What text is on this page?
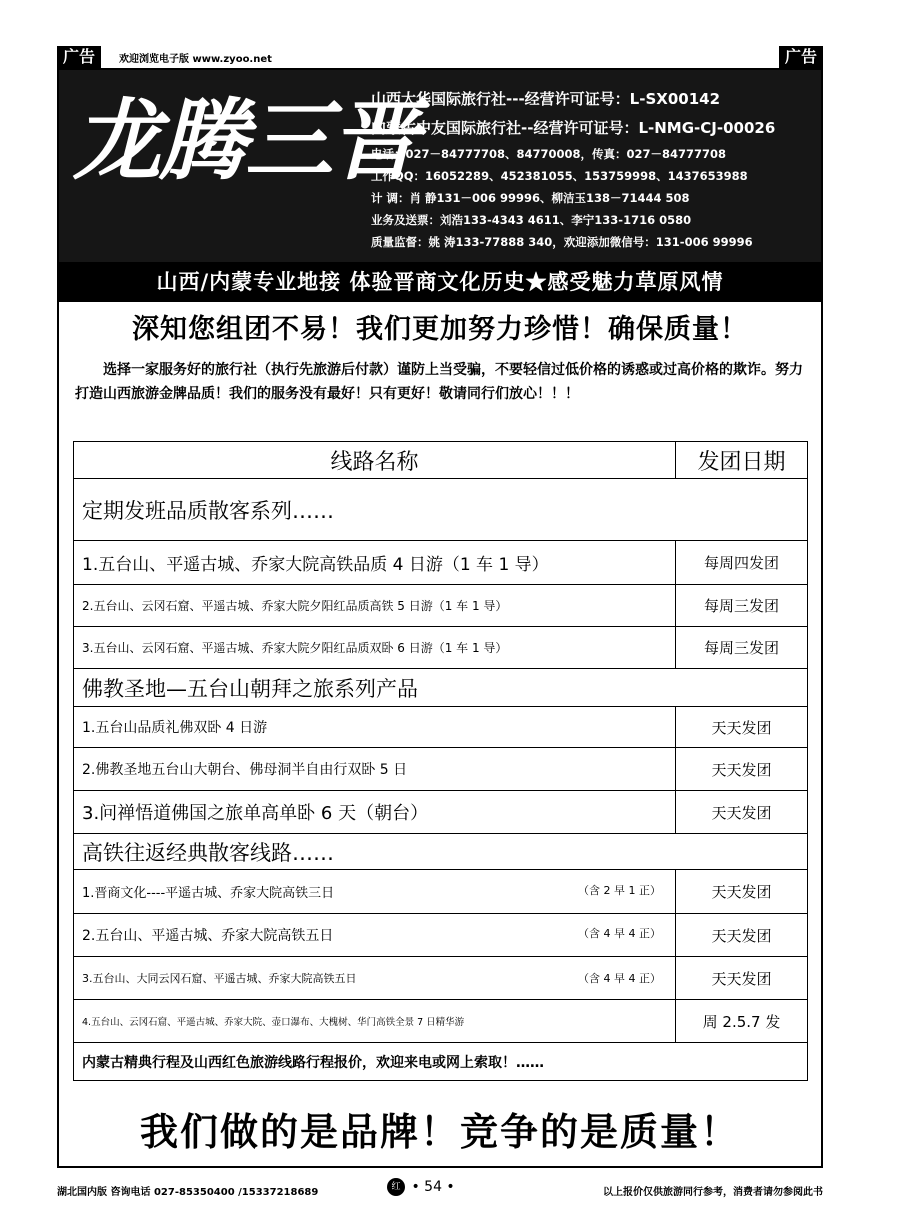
广告	欢迎浏览电子版 www.zyoo.net	广告
龙腾三晋
山西大华国际旅行社---经营许可证号：L-SX00142
内蒙古中友国际旅行社--经营许可证号：L-NMG-CJ-00026
电话：027－84777708、84770008，传真：027－84777708
工作QQ：16052289、452381055、153759998、1437653988
计 调：肖 静131－006 99996、柳洁玉138－71444 508
业务及送票：刘浩133-4343 4611、李宁133-1716 0580
质量监督：姚 涛133-77888 340，欢迎添加微信号：131-006 99996
山西/内蒙专业地接 体验晋商文化历史★感受魅力草原风情
深知您组团不易！我们更加努力珍惜！确保质量！

选择一家服务好的旅行社（执行先旅游后付款）谨防上当受骗，不要轻信过低价格的诱惑或过高价格的欺诈。努力打造山西旅游金牌品质！我们的服务没有最好！只有更好！敬请同行们放心！！！

线路名称	发团日期
定期发班品质散客系列……	
1.五台山、平遥古城、乔家大院高铁品质 4 日游（1 车 1 导）	每周四发团
2.五台山、云冈石窟、平遥古城、乔家大院夕阳红品质高铁 5 日游（1 车 1 导）	每周三发团
3.五台山、云冈石窟、平遥古城、乔家大院夕阳红品质双卧 6 日游（1 车 1 导）	每周三发团
佛教圣地—五台山朝拜之旅系列产品	
1.五台山品质礼佛双卧 4 日游	天天发团
2.佛教圣地五台山大朝台、佛母洞半自由行双卧 5 日	天天发团
3.问禅悟道佛国之旅单高单卧 6 天（朝台）	天天发团
高铁往返经典散客线路……	
1.晋商文化----平遥古城、乔家大院高铁三日 （含 2 早 1 正）	天天发团
2.五台山、平遥古城、乔家大院高铁五日 （含 4 早 4 正）	天天发团
3.五台山、大同云冈石窟、平遥古城、乔家大院高铁五日 （含 4 早 4 正）	天天发团
4.五台山、云冈石窟、平遥古城、乔家大院、壶口瀑布、大槐树、华门高铁全景 7 日精华游	周 2.5.7 发
内蒙古精典行程及山西红色旅游线路行程报价，欢迎来电或网上索取！……	
我们做的是品牌！竞争的是质量！
湖北国内版 咨询电话 027-85350400 /15337218689	红 • 54 •	以上报价仅供旅游同行参考，消费者请勿参阅此书
